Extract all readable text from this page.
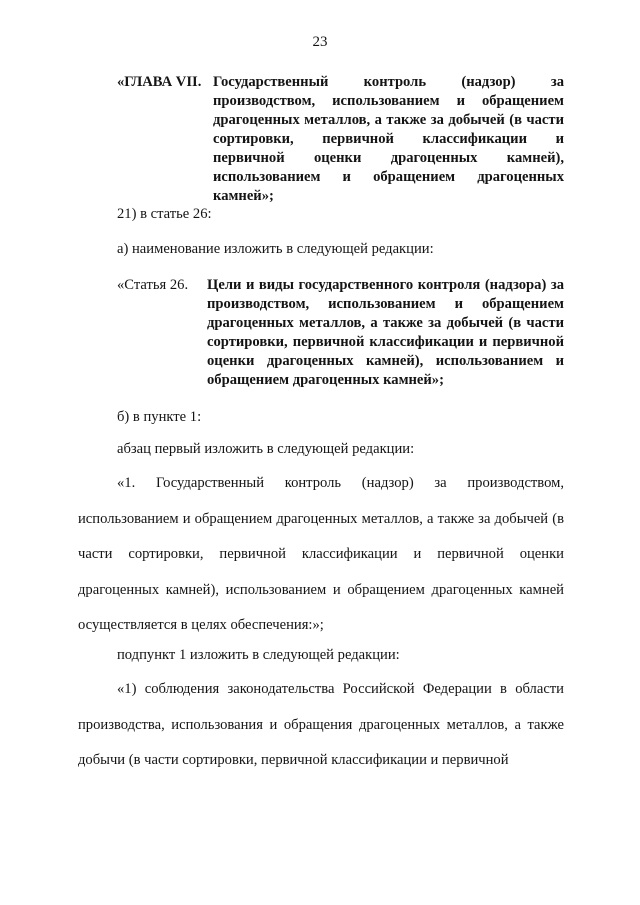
23
«ГЛАВА VII. Государственный контроль (надзор) за производством, использованием и обращением драгоценных металлов, а также за добычей (в части сортировки, первичной классификации и первичной оценки драгоценных камней), использованием и обращением драгоценных камней»;
21) в статье 26:
а) наименование изложить в следующей редакции:
«Статья 26.	Цели и виды государственного контроля (надзора) за производством, использованием и обращением драгоценных металлов, а также за добычей (в части сортировки, первичной классификации и первичной оценки драгоценных камней), использованием и обращением драгоценных камней»;
б) в пункте 1:
абзац первый изложить в следующей редакции:
«1. Государственный контроль (надзор) за производством, использованием и обращением драгоценных металлов, а также за добычей (в части сортировки, первичной классификации и первичной оценки драгоценных камней), использованием и обращением драгоценных камней осуществляется в целях обеспечения:»;
подпункт 1 изложить в следующей редакции:
«1) соблюдения законодательства Российской Федерации в области производства, использования и обращения драгоценных металлов, а также добычи (в части сортировки, первичной классификации и первичной
